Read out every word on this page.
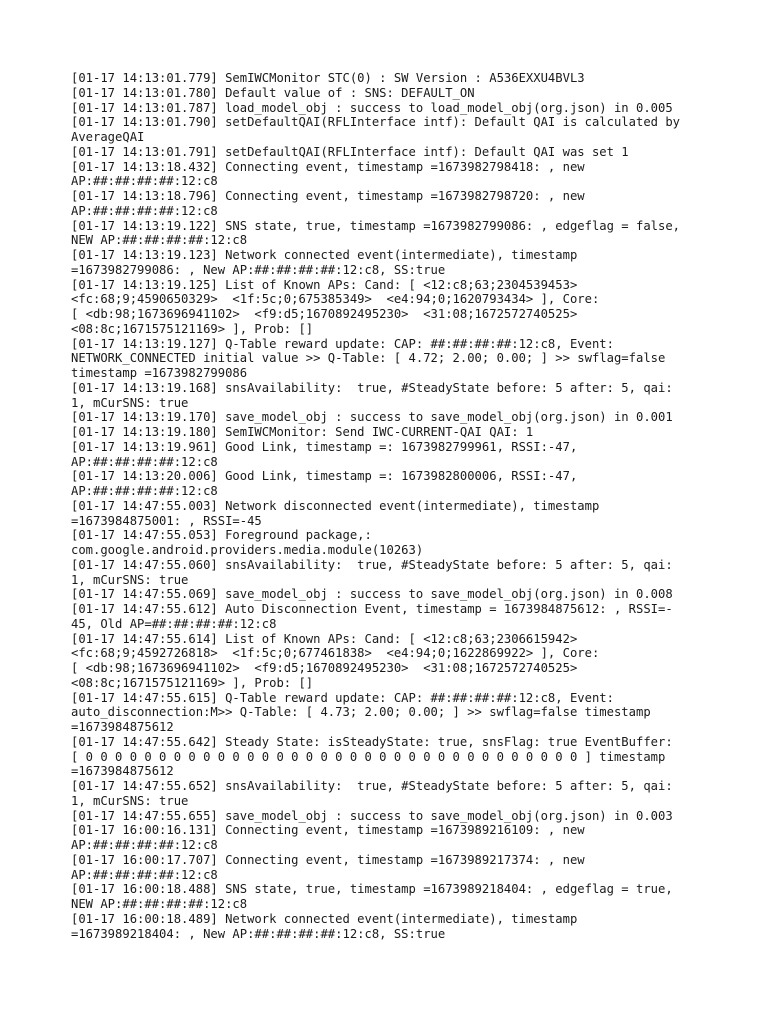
[01-17 14:13:01.779] SemIWCMonitor STC(0) : SW Version : A536EXXU4BVL3
[01-17 14:13:01.780] Default value of : SNS: DEFAULT_ON
[01-17 14:13:01.787] load_model_obj : success to load_model_obj(org.json) in 0.005
[01-17 14:13:01.790] setDefaultQAI(RFLInterface intf): Default QAI is calculated by
AverageQAI
[01-17 14:13:01.791] setDefaultQAI(RFLInterface intf): Default QAI was set 1
[01-17 14:13:18.432] Connecting event, timestamp =1673982798418: , new
AP:##:##:##:##:12:c8
[01-17 14:13:18.796] Connecting event, timestamp =1673982798720: , new
AP:##:##:##:##:12:c8
[01-17 14:13:19.122] SNS state, true, timestamp =1673982799086: , edgeflag = false,
NEW AP:##:##:##:##:12:c8
[01-17 14:13:19.123] Network connected event(intermediate), timestamp
=1673982799086: , New AP:##:##:##:##:12:c8, SS:true
[01-17 14:13:19.125] List of Known APs: Cand: [ <12:c8;63;2304539453>
<fc:68;9;4590650329>  <1f:5c;0;675385349>  <e4:94;0;1620793434> ], Core:
[ <db:98;1673696941102>  <f9:d5;1670892495230>  <31:08;1672572740525>
<08:8c;1671575121169> ], Prob: []
[01-17 14:13:19.127] Q-Table reward update: CAP: ##:##:##:##:12:c8, Event:
NETWORK_CONNECTED initial value >> Q-Table: [ 4.72; 2.00; 0.00; ] >> swflag=false
timestamp =1673982799086
[01-17 14:13:19.168] snsAvailability:  true, #SteadyState before: 5 after: 5, qai:
1, mCurSNS: true
[01-17 14:13:19.170] save_model_obj : success to save_model_obj(org.json) in 0.001
[01-17 14:13:19.180] SemIWCMonitor: Send IWC-CURRENT-QAI QAI: 1
[01-17 14:13:19.961] Good Link, timestamp =: 1673982799961, RSSI:-47,
AP:##:##:##:##:12:c8
[01-17 14:13:20.006] Good Link, timestamp =: 1673982800006, RSSI:-47,
AP:##:##:##:##:12:c8
[01-17 14:47:55.003] Network disconnected event(intermediate), timestamp
=1673984875001: , RSSI=-45
[01-17 14:47:55.053] Foreground package,:
com.google.android.providers.media.module(10263)
[01-17 14:47:55.060] snsAvailability:  true, #SteadyState before: 5 after: 5, qai:
1, mCurSNS: true
[01-17 14:47:55.069] save_model_obj : success to save_model_obj(org.json) in 0.008
[01-17 14:47:55.612] Auto Disconnection Event, timestamp = 1673984875612: , RSSI=-
45, Old AP=##:##:##:##:12:c8
[01-17 14:47:55.614] List of Known APs: Cand: [ <12:c8;63;2306615942>
<fc:68;9;4592726818>  <1f:5c;0;677461838>  <e4:94;0;1622869922> ], Core:
[ <db:98;1673696941102>  <f9:d5;1670892495230>  <31:08;1672572740525>
<08:8c;1671575121169> ], Prob: []
[01-17 14:47:55.615] Q-Table reward update: CAP: ##:##:##:##:12:c8, Event:
auto_disconnection:M>> Q-Table: [ 4.73; 2.00; 0.00; ] >> swflag=false timestamp
=1673984875612
[01-17 14:47:55.642] Steady State: isSteadyState: true, snsFlag: true EventBuffer:
[ 0 0 0 0 0 0 0 0 0 0 0 0 0 0 0 0 0 0 0 0 0 0 0 0 0 0 0 0 0 0 0 0 0 0 ] timestamp
=1673984875612
[01-17 14:47:55.652] snsAvailability:  true, #SteadyState before: 5 after: 5, qai:
1, mCurSNS: true
[01-17 14:47:55.655] save_model_obj : success to save_model_obj(org.json) in 0.003
[01-17 16:00:16.131] Connecting event, timestamp =1673989216109: , new
AP:##:##:##:##:12:c8
[01-17 16:00:17.707] Connecting event, timestamp =1673989217374: , new
AP:##:##:##:##:12:c8
[01-17 16:00:18.488] SNS state, true, timestamp =1673989218404: , edgeflag = true,
NEW AP:##:##:##:##:12:c8
[01-17 16:00:18.489] Network connected event(intermediate), timestamp
=1673989218404: , New AP:##:##:##:##:12:c8, SS:true
